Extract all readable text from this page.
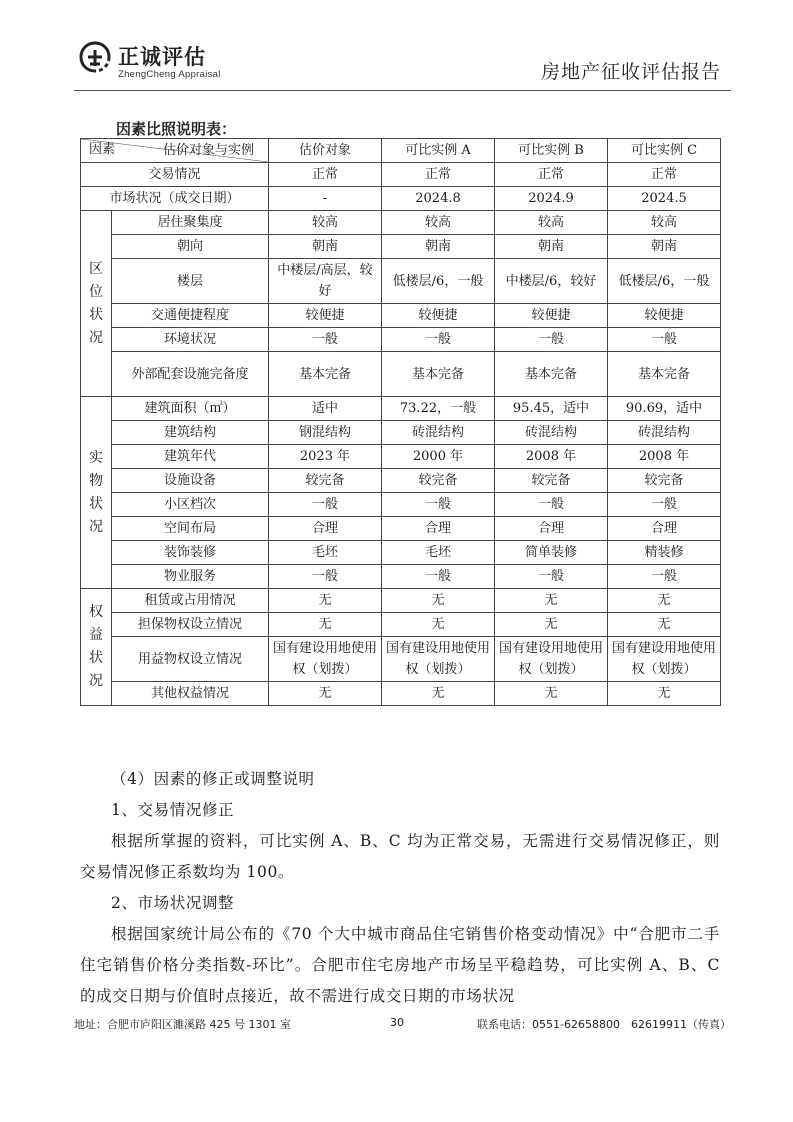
正诚评估
ZhengCheng Appraisal	房地产征收评估报告
因素比照说明表：
估价对象与实例
因素		估价对象	可比实例 A	可比实例 B	可比实例 C
交易情况		正常	正常	正常	正常
市场状况（成交日期）		-	2024.8	2024.9	2024.5

区
位
状
况	居住聚集度	较高	较高	较高	较高
	朝向	朝南	朝南	朝南	朝南
	楼层	中楼层/高层，较好	低楼层/6，一般	中楼层/6，较好	低楼层/6，一般
	交通便捷程度	较便捷	较便捷	较便捷	较便捷
	环境状况	一般	一般	一般	一般
	外部配套设施完备度	基本完备	基本完备	基本完备	基本完备

实
物
状
况	建筑面积（㎡）	适中	73.22，一般	95.45，适中	90.69，适中
	建筑结构	钢混结构	砖混结构	砖混结构	砖混结构
	建筑年代	2023 年	2000 年	2008 年	2008 年
	设施设备	较完备	较完备	较完备	较完备
	小区档次	一般	一般	一般	一般
	空间布局	合理	合理	合理	合理
	装饰装修	毛坯	毛坯	简单装修	精装修
	物业服务	一般	一般	一般	一般

权
益
状
况	租赁或占用情况	无	无	无	无
	担保物权设立情况	无	无	无	无
	用益物权设立情况	国有建设用地使用权（划拨）	国有建设用地使用权（划拨）	国有建设用地使用权（划拨）	国有建设用地使用权（划拨）
	其他权益情况	无	无	无	无

（4）因素的修正或调整说明

1、交易情况修正

根据所掌握的资料，可比实例 A、B、C 均为正常交易，无需进行交易情况修正，则交易情况修正系数均为 100。

2、市场状况调整

根据国家统计局公布的《70 个大中城市商品住宅销售价格变动情况》中“合肥市二手住宅销售价格分类指数-环比”。合肥市住宅房地产市场呈平稳趋势，可比实例 A、B、C 的成交日期与价值时点接近，故不需进行成交日期的市场状况

地址：合肥市庐阳区濉溪路 425 号 1301 室	30	联系电话：0551-62658800　62619911（传真）
